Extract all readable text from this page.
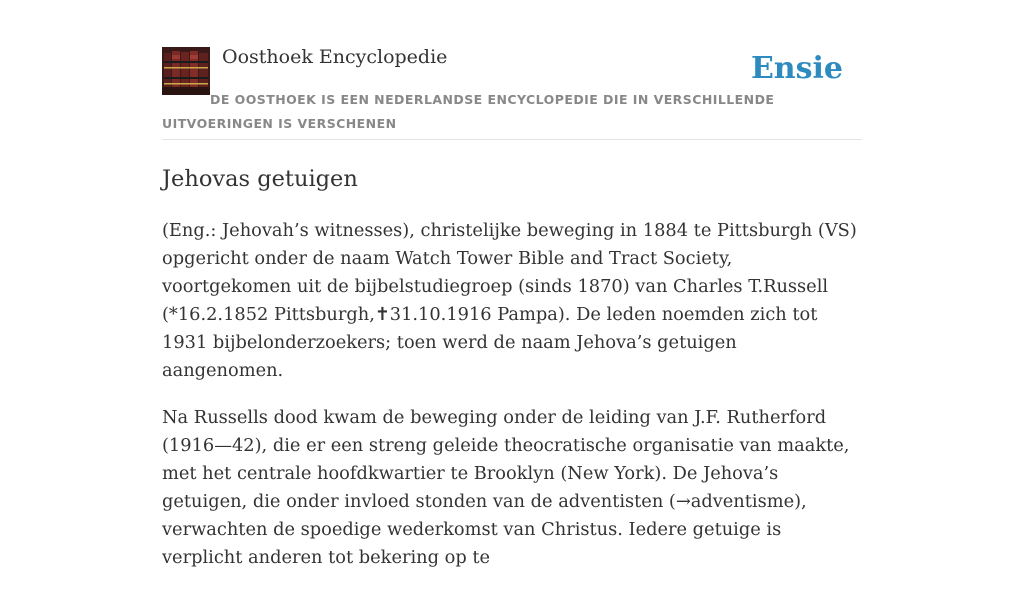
Oosthoek Encyclopedie	Ensie
DE OOSTHOEK IS EEN NEDERLANDSE ENCYCLOPEDIE DIE IN VERSCHILLENDE UITVOERINGEN IS VERSCHENEN
Jehovas getuigen

(Eng.: Jehovah’s witnesses), christelijke beweging in 1884 te Pittsburgh (VS) opgericht onder de naam Watch Tower Bible and Tract Society, voortgekomen uit de bijbelstudiegroep (sinds 1870) van Charles T.Russell (*16.2.1852 Pittsburgh,✝31.10.1916 Pampa). De leden noemden zich tot 1931 bijbelonderzoekers; toen werd de naam Jehova’s getuigen aangenomen.

Na Russells dood kwam de beweging onder de leiding van J.F. Rutherford (1916—42), die er een streng geleide theocratische organisatie van maakte, met het centrale hoofdkwartier te Brooklyn (New York). De Jehova’s getuigen, die onder invloed stonden van de adventisten (→adventisme), verwachten de spoedige wederkomst van Christus. Iedere getuige is verplicht anderen tot bekering op te
